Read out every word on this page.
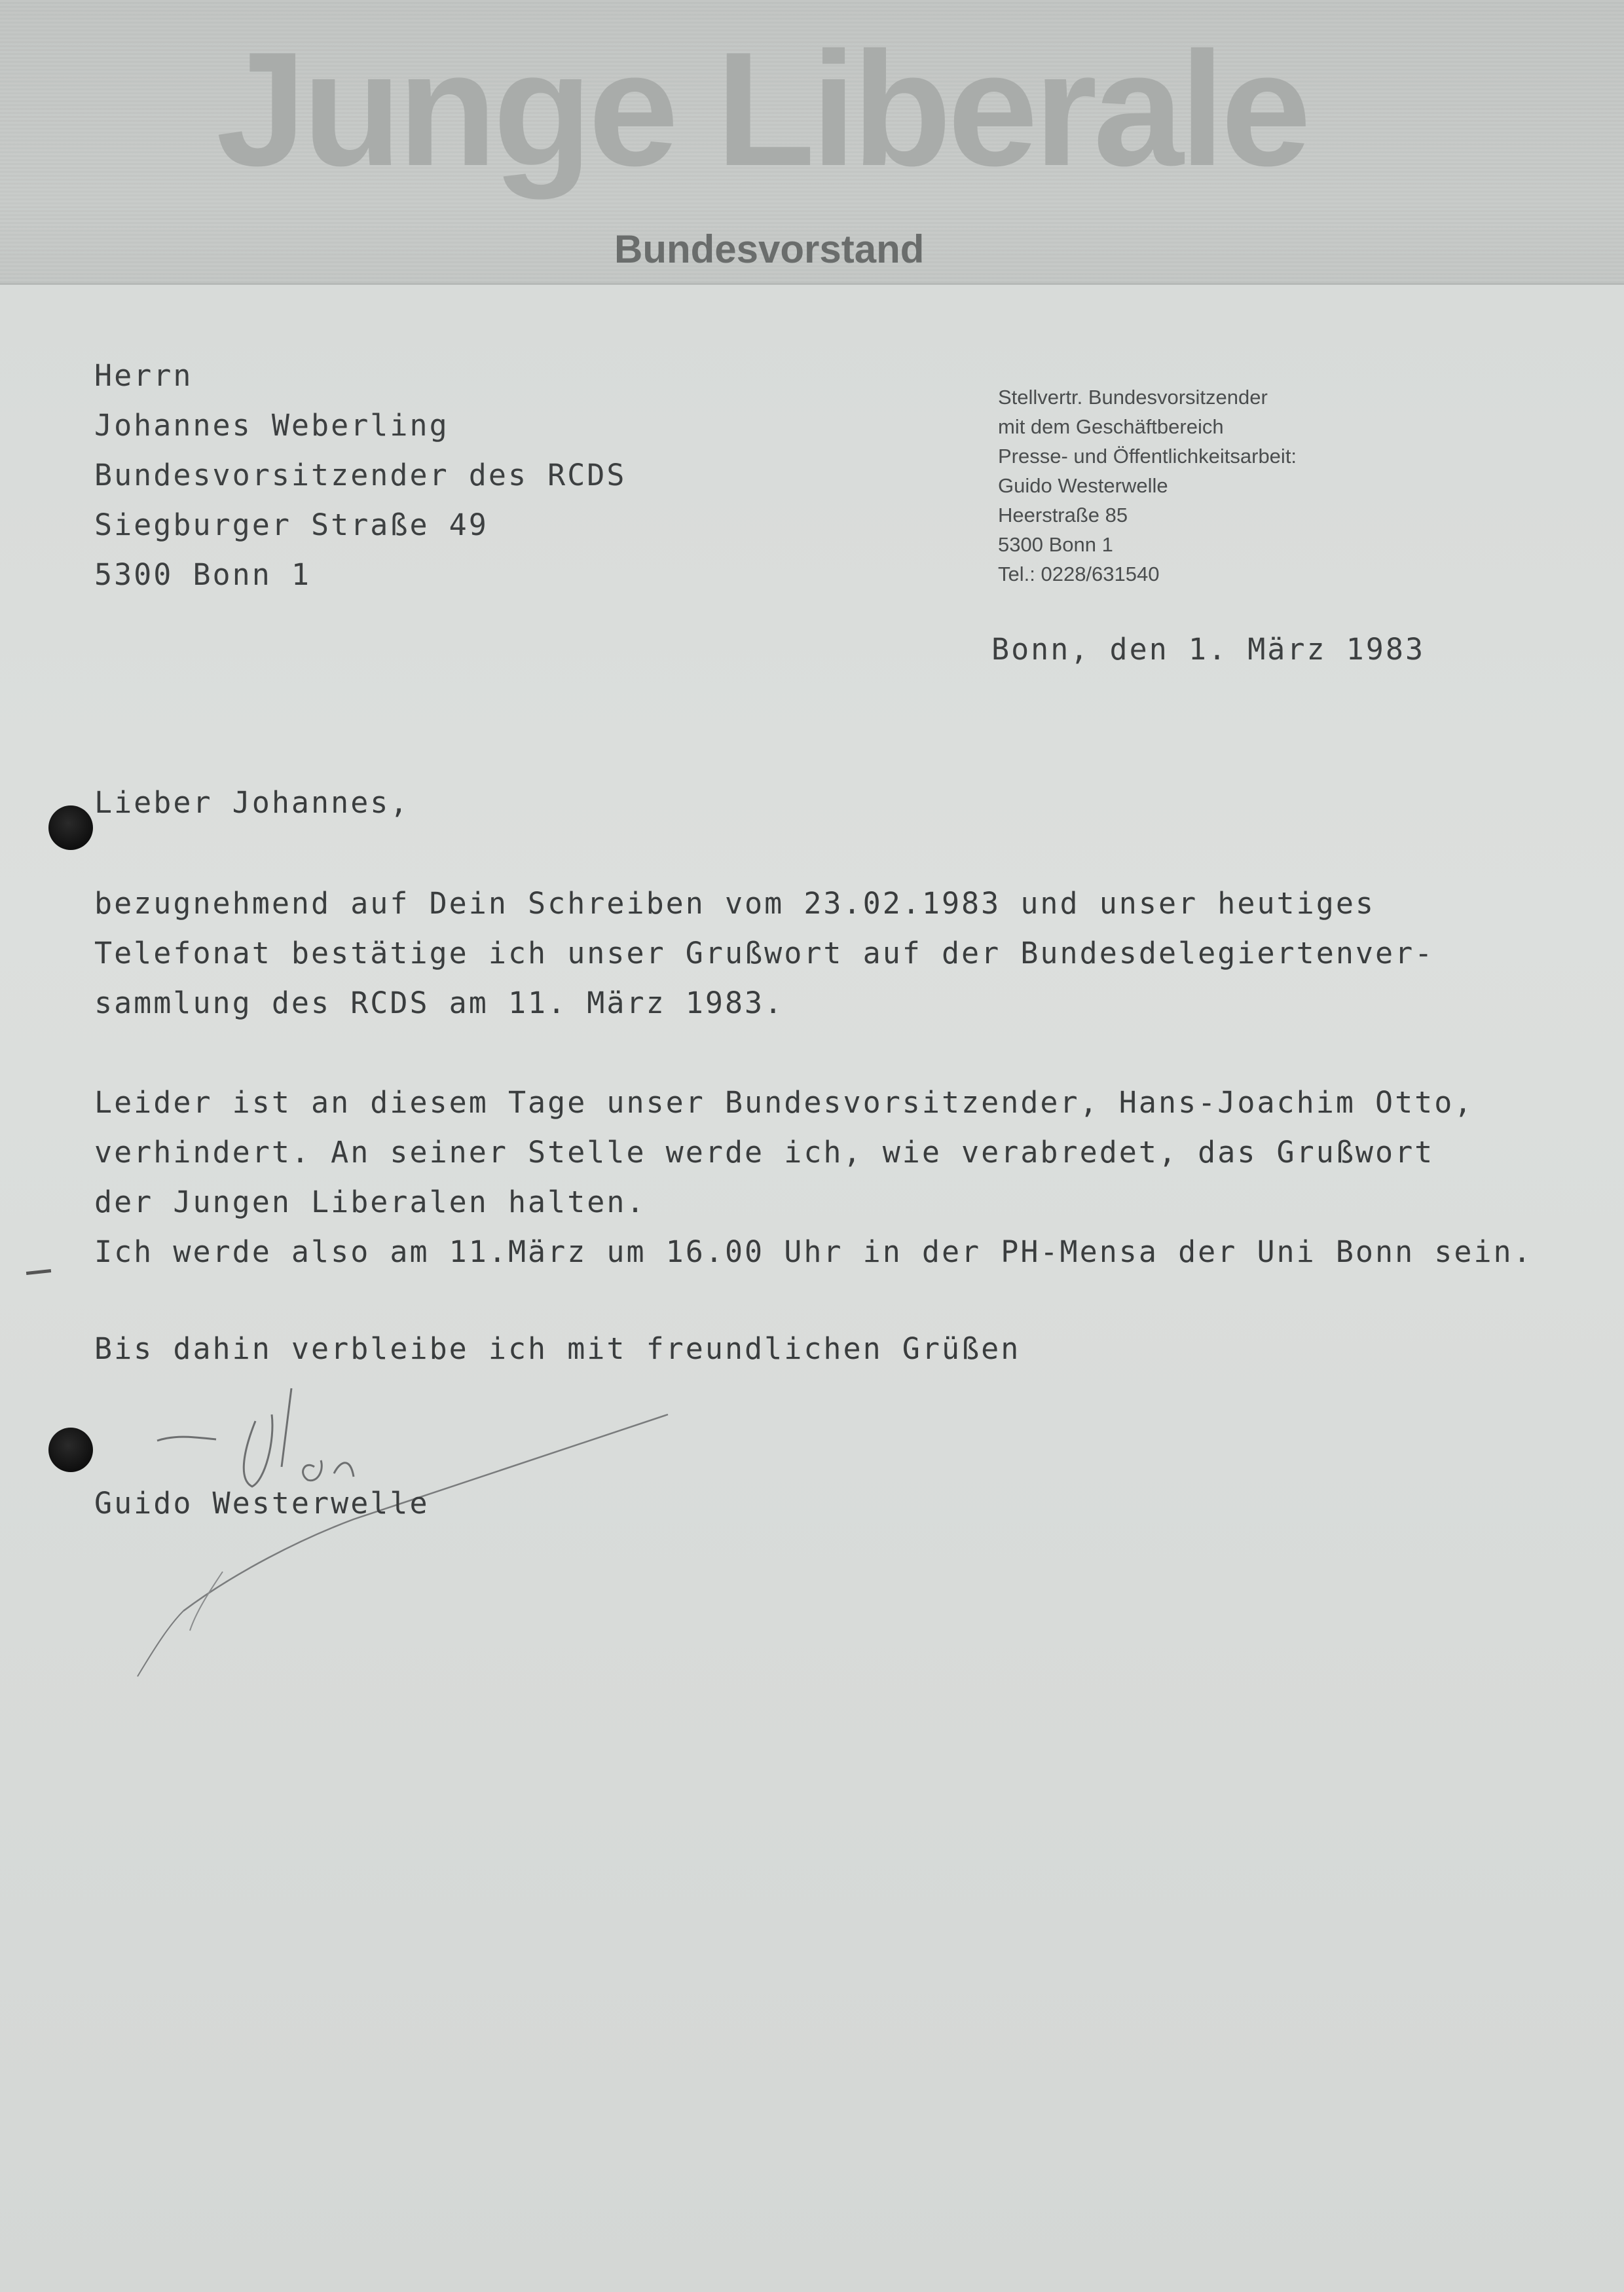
Junge Liberale
Bundesvorstand
Herrn
Johannes Weberling
Bundesvorsitzender des RCDS
Siegburger Straße 49
5300 Bonn 1
Stellvertr. Bundesvorsitzender
mit dem Geschäftbereich
Presse- und Öffentlichkeitsarbeit:
Guido Westerwelle
Heerstraße 85
5300 Bonn 1
Tel.: 0228/631540
Bonn, den 1. März 1983
Lieber Johannes,
bezugnehmend auf Dein Schreiben vom 23.02.1983 und unser heutiges
Telefonat bestätige ich unser Grußwort auf der Bundesdelegiertenver-
sammlung des RCDS am 11. März 1983.
Leider ist an diesem Tage unser Bundesvorsitzender, Hans-Joachim Otto,
verhindert. An seiner Stelle werde ich, wie verabredet, das Grußwort
der Jungen Liberalen halten.
Ich werde also am 11.März um 16.00 Uhr in der PH-Mensa der Uni Bonn sein.
Bis dahin verbleibe ich mit freundlichen Grüßen
Guido Westerwelle
